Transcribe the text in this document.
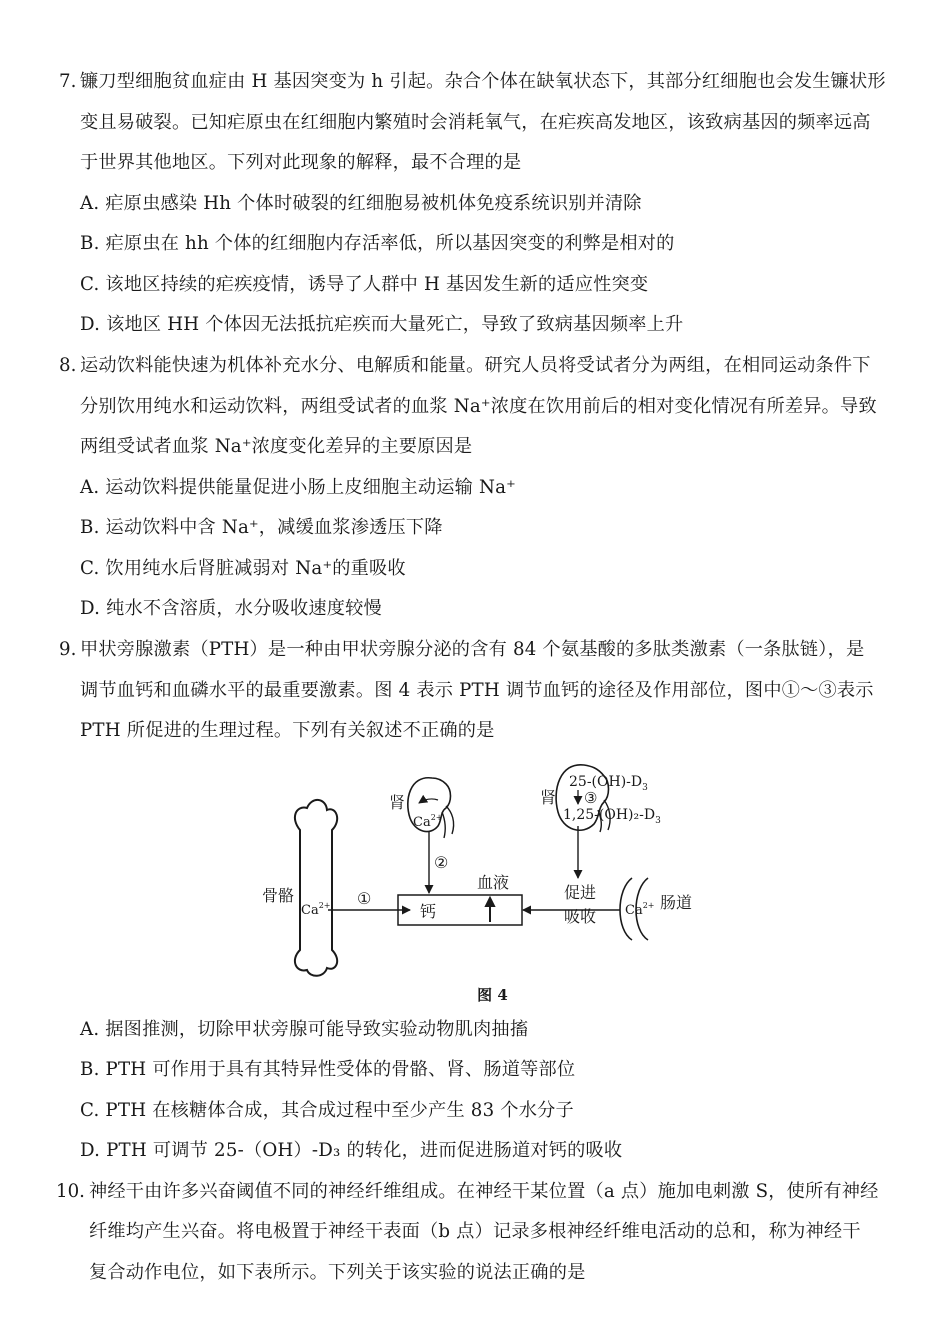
7. 镰刀型细胞贫血症由 H 基因突变为 h 引起。杂合个体在缺氧状态下，其部分红细胞也会发生镰状形
变且易破裂。已知疟原虫在红细胞内繁殖时会消耗氧气，在疟疾高发地区，该致病基因的频率远高
于世界其他地区。下列对此现象的解释，最不合理的是
A. 疟原虫感染 Hh 个体时破裂的红细胞易被机体免疫系统识别并清除
B. 疟原虫在 hh 个体的红细胞内存活率低，所以基因突变的利弊是相对的
C. 该地区持续的疟疾疫情，诱导了人群中 H 基因发生新的适应性突变
D. 该地区 HH 个体因无法抵抗疟疾而大量死亡，导致了致病基因频率上升
8. 运动饮料能快速为机体补充水分、电解质和能量。研究人员将受试者分为两组，在相同运动条件下
分别饮用纯水和运动饮料，两组受试者的血浆 Na⁺浓度在饮用前后的相对变化情况有所差异。导致
两组受试者血浆 Na⁺浓度变化差异的主要原因是
A. 运动饮料提供能量促进小肠上皮细胞主动运输 Na⁺
B. 运动饮料中含 Na⁺，减缓血浆渗透压下降
C. 饮用纯水后肾脏减弱对 Na⁺的重吸收
D. 纯水不含溶质，水分吸收速度较慢
9. 甲状旁腺激素（PTH）是一种由甲状旁腺分泌的含有 84 个氨基酸的多肽类激素（一条肽链），是
调节血钙和血磷水平的最重要激素。图 4 表示 PTH 调节血钙的途径及作用部位，图中①～③表示
PTH 所促进的生理过程。下列有关叙述不正确的是
骨骼
$Ca^{2+}$ ①
钙
血液
肾
$Ca^{2+}$
②
肾
$25-(OH)-D_3$
③
$1,25-(OH)_2-D_3$
促进
吸收 $Ca^{2+}$ 肠道
图 4
A. 据图推测，切除甲状旁腺可能导致实验动物肌肉抽搐
B. PTH 可作用于具有其特异性受体的骨骼、肾、肠道等部位
C. PTH 在核糖体合成，其合成过程中至少产生 83 个水分子
D. PTH 可调节 25-（OH）-D₃ 的转化，进而促进肠道对钙的吸收
10. 神经干由许多兴奋阈值不同的神经纤维组成。在神经干某位置（a 点）施加电刺激 S，使所有神经
纤维均产生兴奋。将电极置于神经干表面（b 点）记录多根神经纤维电活动的总和，称为神经干
复合动作电位，如下表所示。下列关于该实验的说法正确的是
